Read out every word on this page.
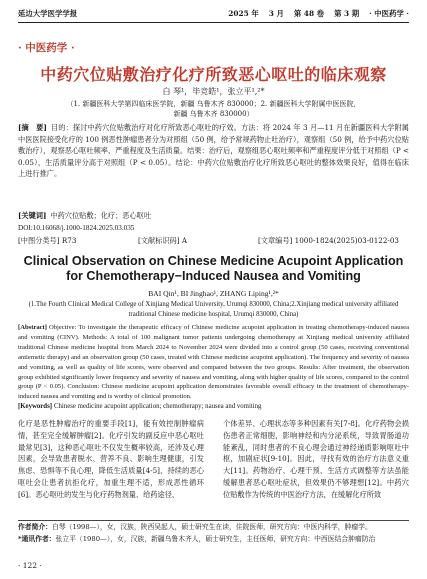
延边大学医学学报	2025 年 3 月 第 48 卷 第 3 期 · 中医药学 ·
· 中医药学 ·
中药穴位贴敷治疗化疗所致恶心呕吐的临床观察
白 琴¹，毕竞皓¹，张立平¹,²*
（1. 新疆医科大学第四临床医学院，新疆 乌鲁木齐 830000；2. 新疆医科大学附属中医医院，
新疆 乌鲁木齐 830000）
[摘　要] 目的：探讨中药穴位贴敷治疗对化疗所致恶心呕吐的疗效。方法：将 2024 年 3 月—11 月在新疆医科大学附属中医医院接受化疗的 100 例恶性肿瘤患者分为对照组（50 例，给予常规药物止吐治疗），观察组（50 例，给予中药穴位贴敷治疗），观察恶心呕吐频率、严重程度及生活质量。结果：治疗后，观察组恶心呕吐频率和严重程度评分低于对照组（P < 0.05），生活质量评分高于对照组（P < 0.05）。结论：中药穴位贴敷治疗化疗所致恶心呕吐的整体效果良好，值得在临床上进行推广。
[关键词] 中药穴位贴敷；化疗；恶心呕吐
DOI:10.16068/j.1000-1824.2025.03.035
[中图分类号] R73	[文献标识码] A	[文章编号] 1000-1824(2025)03-0122-03
Clinical Observation on Chinese Medicine Acupoint Application for Chemotherapy−Induced Nausea and Vomiting
BAI Qin¹, BI Jinghao¹, ZHANG Liping¹,²*
(1.The Fourth Clinical Medical College of Xinjiang Medical University, Urumqi 830000, China;2.Xinjiang medical university affiliated traditional Chinese medicine hospital, Urumqi 830000, China)
[Abstract] Objective: To investigate the therapeutic efficacy of Chinese medicine acupoint application in treating chemotherapy-induced nausea and vomiting (CINV). Methods: A total of 100 malignant tumor patients undergoing chemotherapy at Xinjiang medical university affiliated traditional Chinese medicine hospital from March 2024 to November 2024 were divided into a control group (50 cases, receiving conventional antiemetic therapy) and an observation group (50 cases, treated with Chinese medicine acupoint application). The frequency and severity of nausea and vomiting, as well as quality of life scores, were observed and compared between the two groups. Results: After treatment, the observation group exhibited significantly lower frequency and severity of nausea and vomiting, along with higher quality of life scores, compared to the control group (P < 0.05). Conclusion: Chinese medicine acupoint application demonstrates favorable overall efficacy in the treatment of chemotherapy-induced nausea and vomiting and is worthy of clinical promotion.
[Keywords] Chinese medicine acupoint application; chemotherapy; nausea and vomiting
化疗是恶性肿瘤治疗的重要手段[1]，能有效控制肿瘤病情，甚至完全缓解肿瘤[2]。化疗引发的副反应中恶心呕吐最常见[3]，这种恶心呕吐不仅发生概率较高，还涉及心理因素，会导致患者脱水、营养不良、影响生理健康，引发焦虑、恐惧等不良心理，降低生活质量[4-5]，持续的恶心呕吐会让患者抗拒化疗，加重生理不适，形成恶性循环[6]。恶心呕吐的发生与化疗药物剂量、给药途径、
个体差异、心理状态等多种因素有关[7-8]。化疗药物会损伤患者正常细胞，影响神经和内分泌系统，导致胃肠道功能紊乱，同时患者的不良心理会通过神经递质影响呕吐中枢，加剧症状[9-10]。因此，寻找有效的治疗方法意义重大[11]。药物治疗、心理干预、生活方式调整等方法虽能缓解患者恶心呕吐症状，但效果仍不够理想[12]。中药穴位贴敷作为传统的中医治疗方法，在缓解化疗所致
作者简介：白琴（1998—），女，汉族，陕西吴起人，硕士研究生在读，住院医师，研究方向：中医内科学，肿瘤学。
*通讯作者：张立平（1980—），女，汉族，新疆乌鲁木齐人，硕士研究生，主任医师，研究方向：中西医结合肿瘤防治
· 122 ·
